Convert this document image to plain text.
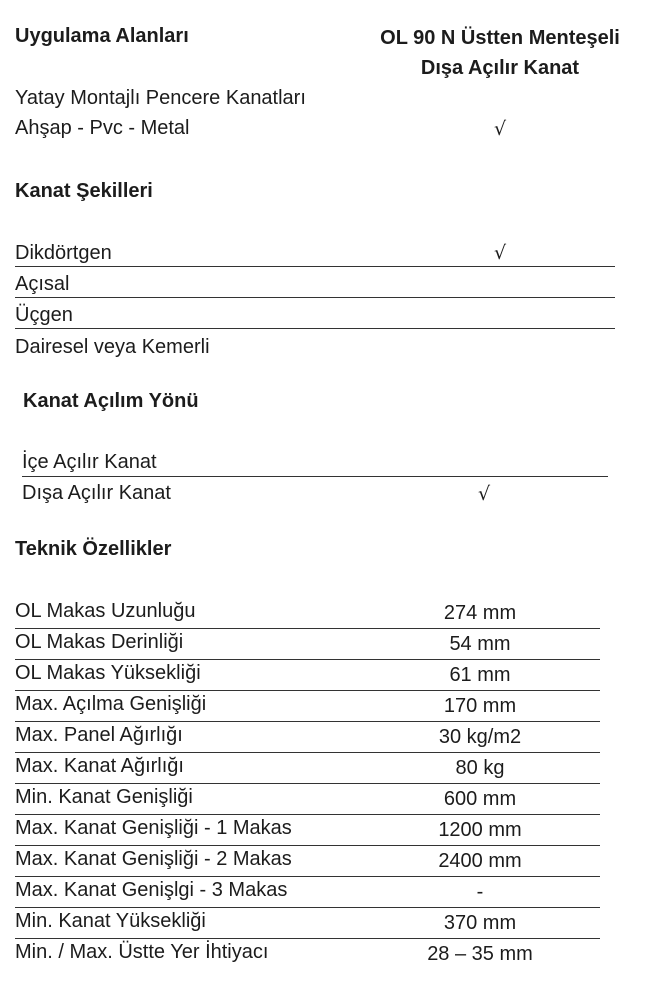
Uygulama Alanları	OL 90 N Üstten Menteşeli
Dışa Açılır Kanat
Yatay Montajlı Pencere Kanatları
Ahşap - Pvc - Metal	√
Kanat Şekilleri
Dikdörtgen	√
Açısal
Üçgen
Dairesel veya Kemerli
Kanat Açılım Yönü
İçe Açılır Kanat
Dışa Açılır Kanat	√
Teknik Özellikler
OL Makas Uzunluğu	274 mm
OL Makas Derinliği	54 mm
OL Makas Yüksekliği	61 mm
Max. Açılma Genişliği	170 mm
Max. Panel Ağırlığı	30 kg/m2
Max. Kanat Ağırlığı	80 kg
Min. Kanat Genişliği	600 mm
Max. Kanat Genişliği - 1 Makas	1200 mm
Max. Kanat Genişliği - 2 Makas	2400 mm
Max. Kanat Genişlgi - 3 Makas	-
Min. Kanat Yüksekliği	370 mm
Min. / Max. Üstte Yer İhtiyacı	28 – 35 mm
